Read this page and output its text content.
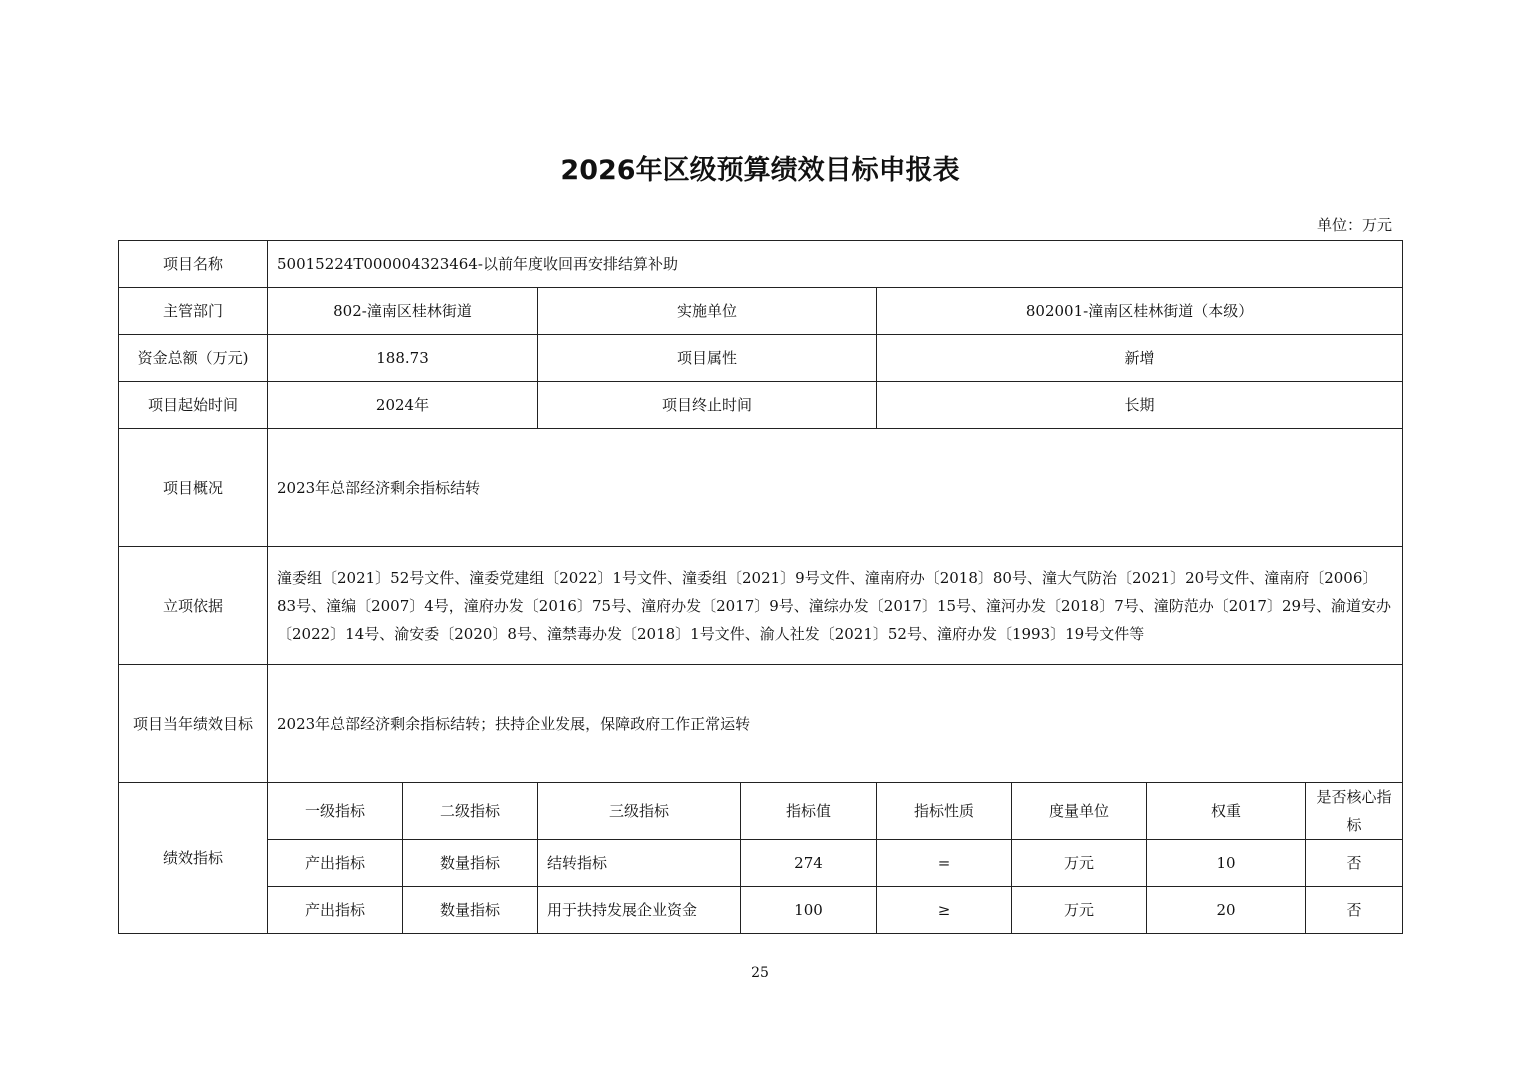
2026年区级预算绩效目标申报表
单位：万元
项目名称	50015224T000004323464-以前年度收回再安排结算补助							
主管部门	802-潼南区桂林街道		实施单位		802001-潼南区桂林街道（本级）			
资金总额（万元)	188.73		项目属性		新增			
项目起始时间	2024年		项目终止时间		长期			
项目概况	2023年总部经济剩余指标结转							
立项依据	潼委组〔2021〕52号文件、潼委党建组〔2022〕1号文件、潼委组〔2021〕9号文件、潼南府办〔2018〕80号、潼大气防治〔2021〕20号文件、潼南府〔2006〕83号、潼编〔2007〕4号，潼府办发〔2016〕75号、潼府办发〔2017〕9号、潼综办发〔2017〕15号、潼河办发〔2018〕7号、潼防范办〔2017〕29号、渝道安办〔2022〕14号、渝安委〔2020〕8号、潼禁毒办发〔2018〕1号文件、渝人社发〔2021〕52号、潼府办发〔1993〕19号文件等							
项目当年绩效目标	2023年总部经济剩余指标结转；扶持企业发展，保障政府工作正常运转							
绩效指标	一级指标	二级指标	三级指标	指标值	指标性质	度量单位	权重	是否核心指标
	产出指标	数量指标	结转指标	274	=	万元	10	否
	产出指标	数量指标	用于扶持发展企业资金	100	≥	万元	20	否
25
